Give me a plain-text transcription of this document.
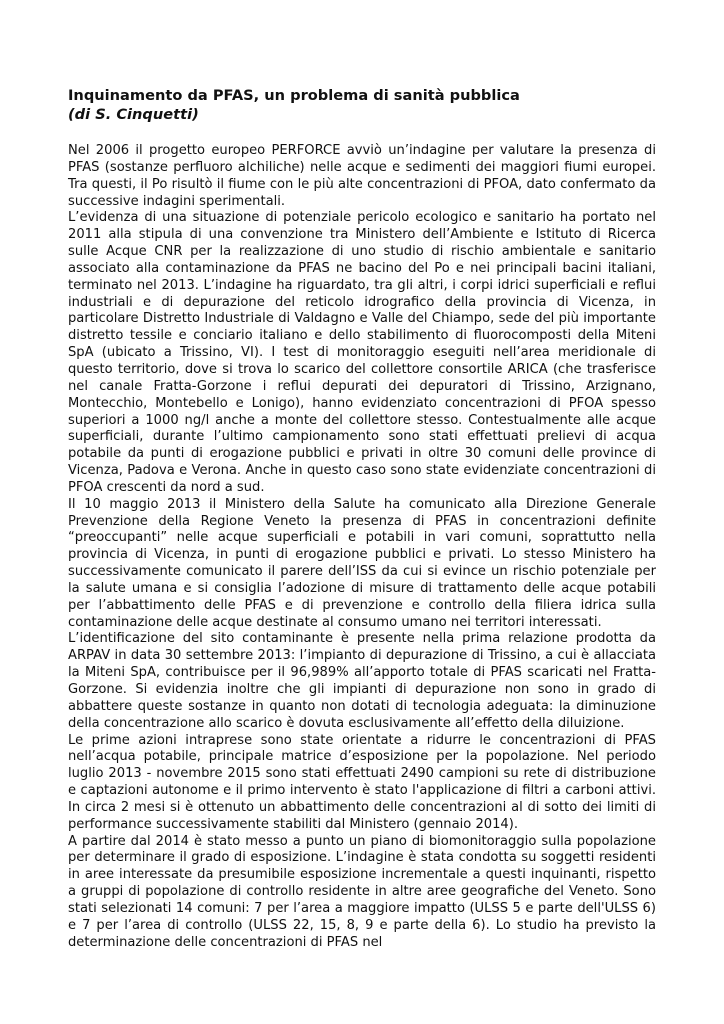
Inquinamento da PFAS, un problema di sanità pubblica

(di S. Cinquetti)

Nel 2006 il progetto europeo PERFORCE avviò un’indagine per valutare la presenza di PFAS (sostanze perfluoro alchiliche) nelle acque e sedimenti dei maggiori fiumi europei. Tra questi, il Po risultò il fiume con le più alte concentrazioni di PFOA, dato confermato da successive indagini sperimentali.

L’evidenza di una situazione di potenziale pericolo ecologico e sanitario ha portato nel 2011 alla stipula di una convenzione tra Ministero dell’Ambiente e Istituto di Ricerca sulle Acque CNR per la realizzazione di uno studio di rischio ambientale e sanitario associato alla contaminazione da PFAS ne bacino del Po e nei principali bacini italiani, terminato nel 2013. L’indagine ha riguardato, tra gli altri, i corpi idrici superficiali e reflui industriali e di depurazione del reticolo idrografico della provincia di Vicenza, in particolare Distretto Industriale di Valdagno e Valle del Chiampo, sede del più importante distretto tessile e conciario italiano e dello stabilimento di fluorocomposti della Miteni SpA (ubicato a Trissino, VI). I test di monitoraggio eseguiti nell’area meridionale di questo territorio, dove si trova lo scarico del collettore consortile ARICA (che trasferisce nel canale Fratta-Gorzone i reflui depurati dei depuratori di Trissino, Arzignano, Montecchio, Montebello e Lonigo), hanno evidenziato concentrazioni di PFOA spesso superiori a 1000 ng/l anche a monte del collettore stesso. Contestualmente alle acque superficiali, durante l’ultimo campionamento sono stati effettuati prelievi di acqua potabile da punti di erogazione pubblici e privati in oltre 30 comuni delle province di Vicenza, Padova e Verona. Anche in questo caso sono state evidenziate concentrazioni di PFOA crescenti da nord a sud.

Il 10 maggio 2013 il Ministero della Salute ha comunicato alla Direzione Generale Prevenzione della Regione Veneto la presenza di PFAS in concentrazioni definite “preoccupanti” nelle acque superficiali e potabili in vari comuni, soprattutto nella provincia di Vicenza, in punti di erogazione pubblici e privati. Lo stesso Ministero ha successivamente comunicato il parere dell’ISS da cui si evince un rischio potenziale per la salute umana e si consiglia l’adozione di misure di trattamento delle acque potabili per l’abbattimento delle PFAS e di prevenzione e controllo della filiera idrica sulla contaminazione delle acque destinate al consumo umano nei territori interessati.

L’identificazione del sito contaminante è presente nella prima relazione prodotta da ARPAV in data 30 settembre 2013: l’impianto di depurazione di Trissino, a cui è allacciata la Miteni SpA, contribuisce per il 96,989% all’apporto totale di PFAS scaricati nel Fratta-Gorzone. Si evidenzia inoltre che gli impianti di depurazione non sono in grado di abbattere queste sostanze in quanto non dotati di tecnologia adeguata: la diminuzione della concentrazione allo scarico è dovuta esclusivamente all’effetto della diluizione.

Le prime azioni intraprese sono state orientate a ridurre le concentrazioni di PFAS nell’acqua potabile, principale matrice d’esposizione per la popolazione. Nel periodo luglio 2013 - novembre 2015 sono stati effettuati 2490 campioni su rete di distribuzione e captazioni autonome e il primo intervento è stato l'applicazione di filtri a carboni attivi. In circa 2 mesi si è ottenuto un abbattimento delle concentrazioni al di sotto dei limiti di performance successivamente stabiliti dal Ministero (gennaio 2014).

A partire dal 2014 è stato messo a punto un piano di biomonitoraggio sulla popolazione per determinare il grado di esposizione. L’indagine è stata condotta su soggetti residenti in aree interessate da presumibile esposizione incrementale a questi inquinanti, rispetto a gruppi di popolazione di controllo residente in altre aree geografiche del Veneto. Sono stati selezionati 14 comuni: 7 per l’area a maggiore impatto (ULSS 5 e parte dell'ULSS 6) e 7 per l’area di controllo (ULSS 22, 15, 8, 9 e parte della 6). Lo studio ha previsto la determinazione delle concentrazioni di PFAS nel
